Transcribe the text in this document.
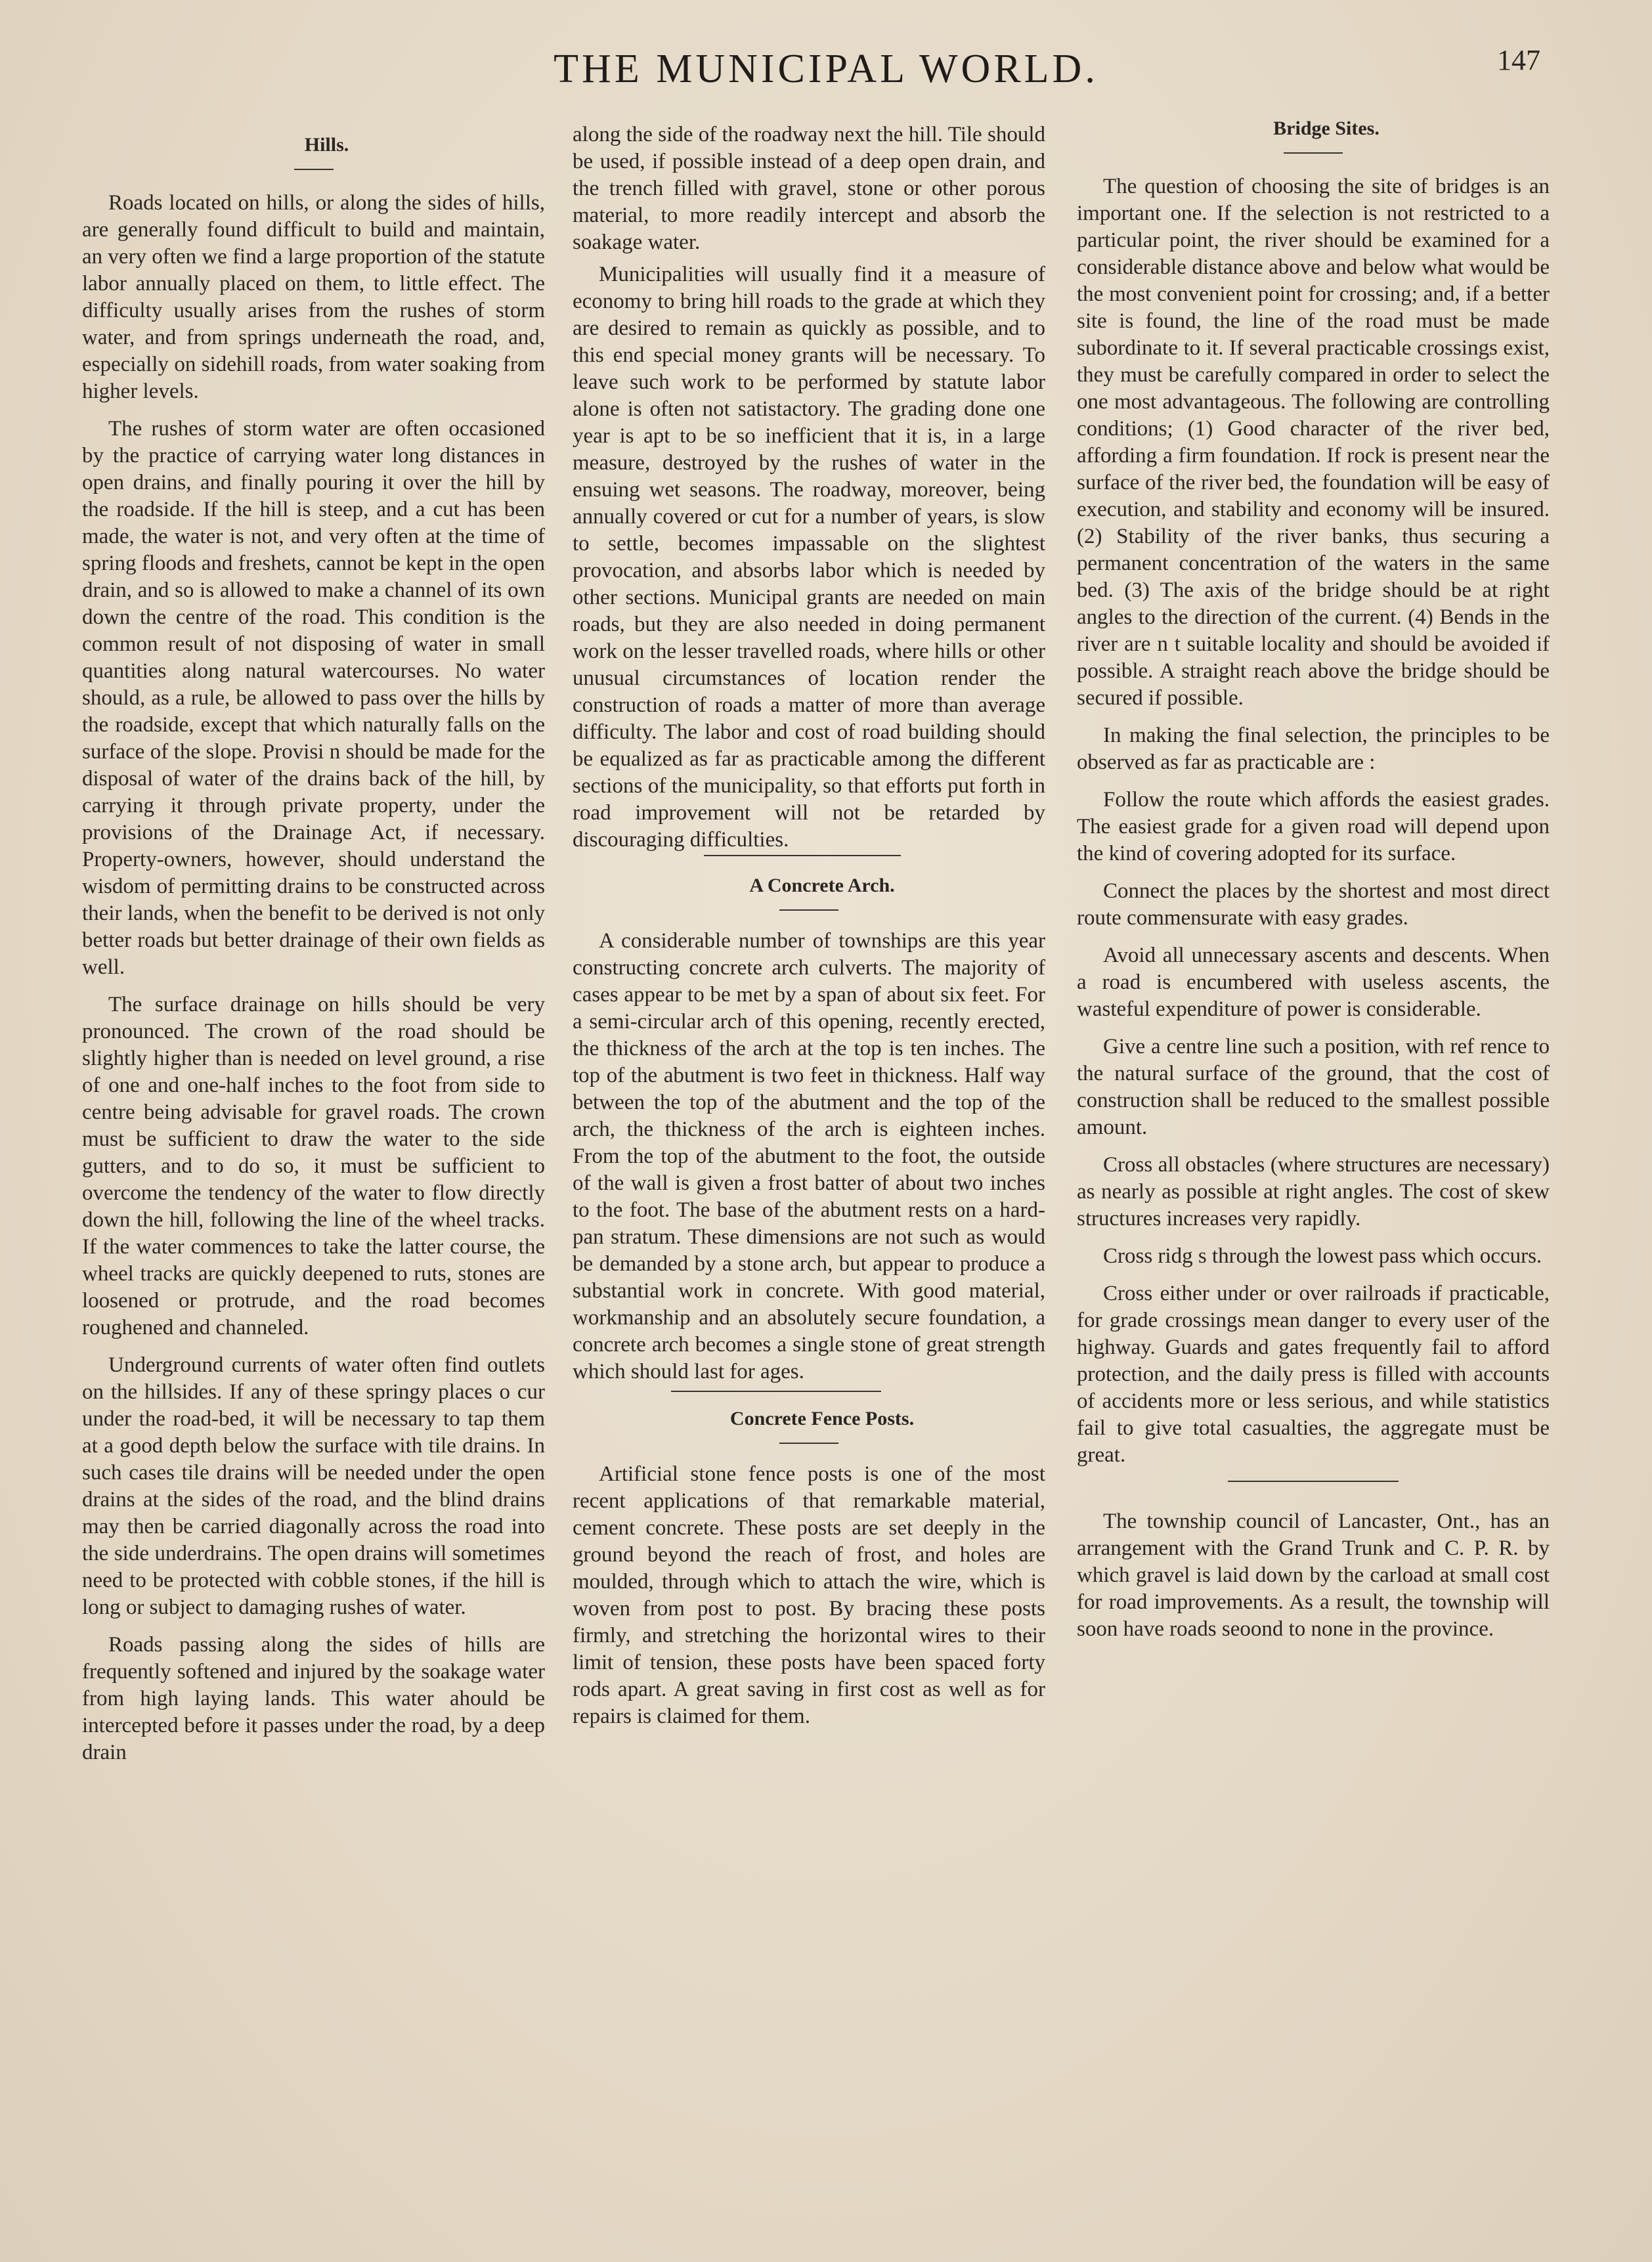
THE MUNICIPAL WORLD.	147

Hills.

Roads located on hills, or along the sides of hills, are generally found difficult to build and maintain, an very often we find a large proportion of the statute labor annually placed on them, to little effect. The difficulty usually arises from the rushes of storm water, and from springs underneath the road, and, especially on sidehill roads, from water soaking from higher levels.

The rushes of storm water are often occasioned by the practice of carrying water long distances in open drains, and finally pouring it over the hill by the roadside. If the hill is steep, and a cut has been made, the water is not, and very often at the time of spring floods and freshets, cannot be kept in the open drain, and so is allowed to make a channel of its own down the centre of the road. This condition is the common result of not disposing of water in small quantities along natural watercourses. No water should, as a rule, be allowed to pass over the hills by the roadside, except that which naturally falls on the surface of the slope. Provisi n should be made for the disposal of water of the drains back of the hill, by carrying it through private property, under the provisions of the Drainage Act, if necessary. Property-owners, however, should understand the wisdom of permitting drains to be constructed across their lands, when the benefit to be derived is not only better roads but better drainage of their own fields as well.

The surface drainage on hills should be very pronounced. The crown of the road should be slightly higher than is needed on level ground, a rise of one and one-half inches to the foot from side to centre being advisable for gravel roads. The crown must be sufficient to draw the water to the side gutters, and to do so, it must be sufficient to overcome the tendency of the water to flow directly down the hill, following the line of the wheel tracks. If the water commences to take the latter course, the wheel tracks are quickly deepened to ruts, stones are loosened or protrude, and the road becomes roughened and channeled.

Underground currents of water often find outlets on the hillsides. If any of these springy places o cur under the road-bed, it will be necessary to tap them at a good depth below the surface with tile drains. In such cases tile drains will be needed under the open drains at the sides of the road, and the blind drains may then be carried diagonally across the road into the side underdrains. The open drains will sometimes need to be protected with cobble stones, if the hill is long or subject to damaging rushes of water.

Roads passing along the sides of hills are frequently softened and injured by the soakage water from high laying lands. This water ahould be intercepted before it passes under the road, by a deep drain

along the side of the roadway next the hill. Tile should be used, if possible instead of a deep open drain, and the trench filled with gravel, stone or other porous material, to more readily intercept and absorb the soakage water.

Municipalities will usually find it a measure of economy to bring hill roads to the grade at which they are desired to remain as quickly as possible, and to this end special money grants will be necessary. To leave such work to be performed by statute labor alone is often not satistactory. The grading done one year is apt to be so inefficient that it is, in a large measure, destroyed by the rushes of water in the ensuing wet seasons. The roadway, moreover, being annually covered or cut for a number of years, is slow to settle, becomes impassable on the slightest provocation, and absorbs labor which is needed by other sections. Municipal grants are needed on main roads, but they are also needed in doing permanent work on the lesser travelled roads, where hills or other unusual circumstances of location render the construction of roads a matter of more than average difficulty. The labor and cost of road building should be equalized as far as practicable among the different sections of the municipality, so that efforts put forth in road improvement will not be retarded by discouraging difficulties.

A Concrete Arch.

A considerable number of townships are this year constructing concrete arch culverts. The majority of cases appear to be met by a span of about six feet. For a semi-circular arch of this opening, recently erected, the thickness of the arch at the top is ten inches. The top of the abutment is two feet in thickness. Half way between the top of the abutment and the top of the arch, the thickness of the arch is eighteen inches. From the top of the abutment to the foot, the outside of the wall is given a frost batter of about two inches to the foot. The base of the abutment rests on a hard-pan stratum. These dimensions are not such as would be demanded by a stone arch, but appear to produce a substantial work in concrete. With good material, workmanship and an absolutely secure foundation, a concrete arch becomes a single stone of great strength which should last for ages.

Concrete Fence Posts.

Artificial stone fence posts is one of the most recent applications of that remarkable material, cement concrete. These posts are set deeply in the ground beyond the reach of frost, and holes are moulded, through which to attach the wire, which is woven from post to post. By bracing these posts firmly, and stretching the horizontal wires to their limit of tension, these posts have been spaced forty rods apart. A great saving in first cost as well as for repairs is claimed for them.

Bridge Sites.

The question of choosing the site of bridges is an important one. If the selection is not restricted to a particular point, the river should be examined for a considerable distance above and below what would be the most convenient point for crossing; and, if a better site is found, the line of the road must be made subordinate to it. If several practicable crossings exist, they must be carefully compared in order to select the one most advantageous. The following are controlling conditions; (1) Good character of the river bed, affording a firm foundation. If rock is present near the surface of the river bed, the foundation will be easy of execution, and stability and economy will be insured. (2) Stability of the river banks, thus securing a permanent concentration of the waters in the same bed. (3) The axis of the bridge should be at right angles to the direction of the current. (4) Bends in the river are n t suitable locality and should be avoided if possible. A straight reach above the bridge should be secured if possible.

In making the final selection, the principles to be observed as far as practicable are :

Follow the route which affords the easiest grades. The easiest grade for a given road will depend upon the kind of covering adopted for its surface.

Connect the places by the shortest and most direct route commensurate with easy grades.

Avoid all unnecessary ascents and descents. When a road is encumbered with useless ascents, the wasteful expenditure of power is considerable.

Give a centre line such a position, with ref rence to the natural surface of the ground, that the cost of construction shall be reduced to the smallest possible amount.

Cross all obstacles (where structures are necessary) as nearly as possible at right angles. The cost of skew structures increases very rapidly.

Cross ridg s through the lowest pass which occurs.

Cross either under or over railroads if practicable, for grade crossings mean danger to every user of the highway. Guards and gates frequently fail to afford protection, and the daily press is filled with accounts of accidents more or less serious, and while statistics fail to give total casualties, the aggregate must be great.

The township council of Lancaster, Ont., has an arrangement with the Grand Trunk and C. P. R. by which gravel is laid down by the carload at small cost for road improvements. As a result, the township will soon have roads seoond to none in the province.
